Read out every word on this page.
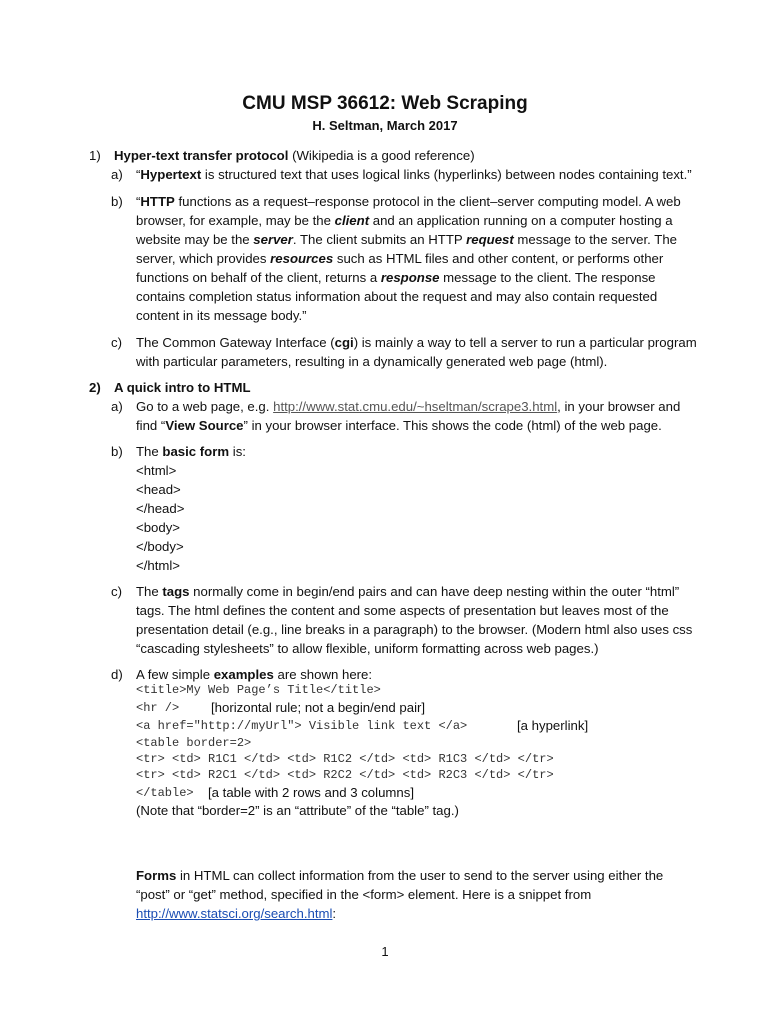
CMU MSP 36612: Web Scraping
H. Seltman, March 2017
1) Hyper-text transfer protocol (Wikipedia is a good reference)
a) “Hypertext is structured text that uses logical links (hyperlinks) between nodes containing text.”
b) “HTTP functions as a request–response protocol in the client–server computing model. A web
browser, for example, may be the client and an application running on a computer hosting a
website may be the server. The client submits an HTTP request message to the server. The
server, which provides resources such as HTML files and other content, or performs other
functions on behalf of the client, returns a response message to the client. The response
contains completion status information about the request and may also contain requested
content in its message body.”
c) The Common Gateway Interface (cgi) is mainly a way to tell a server to run a particular program
with particular parameters, resulting in a dynamically generated web page (html).
2) A quick intro to HTML
a) Go to a web page, e.g. http://www.stat.cmu.edu/~hseltman/scrape3.html, in your browser and
find “View Source” in your browser interface. This shows the code (html) of the web page.
b) The basic form is:
<html>
<head>
</head>
<body>
</body>
</html>
c) The tags normally come in begin/end pairs and can have deep nesting within the outer “html”
tags. The html defines the content and some aspects of presentation but leaves most of the
presentation detail (e.g., line breaks in a paragraph) to the browser. (Modern html also uses css
“cascading stylesheets” to allow flexible, uniform formatting across web pages.)
d) A few simple examples are shown here:
<title>My Web Page’s Title</title>
<hr /> [horizontal rule; not a begin/end pair]
<a href="http://myUrl"> Visible link text </a>	[a hyperlink]
<table border=2>
<tr> <td> R1C1 </td> <td> R1C2 </td> <td> R1C3 </td> </tr>
<tr> <td> R2C1 </td> <td> R2C2 </td> <td> R2C3 </td> </tr>
</table> [a table with 2 rows and 3 columns]
(Note that “border=2” is an “attribute” of the “table” tag.)
Forms in HTML can collect information from the user to send to the server using either the
“post” or “get” method, specified in the <form> element. Here is a snippet from
http://www.statsci.org/search.html:
1
